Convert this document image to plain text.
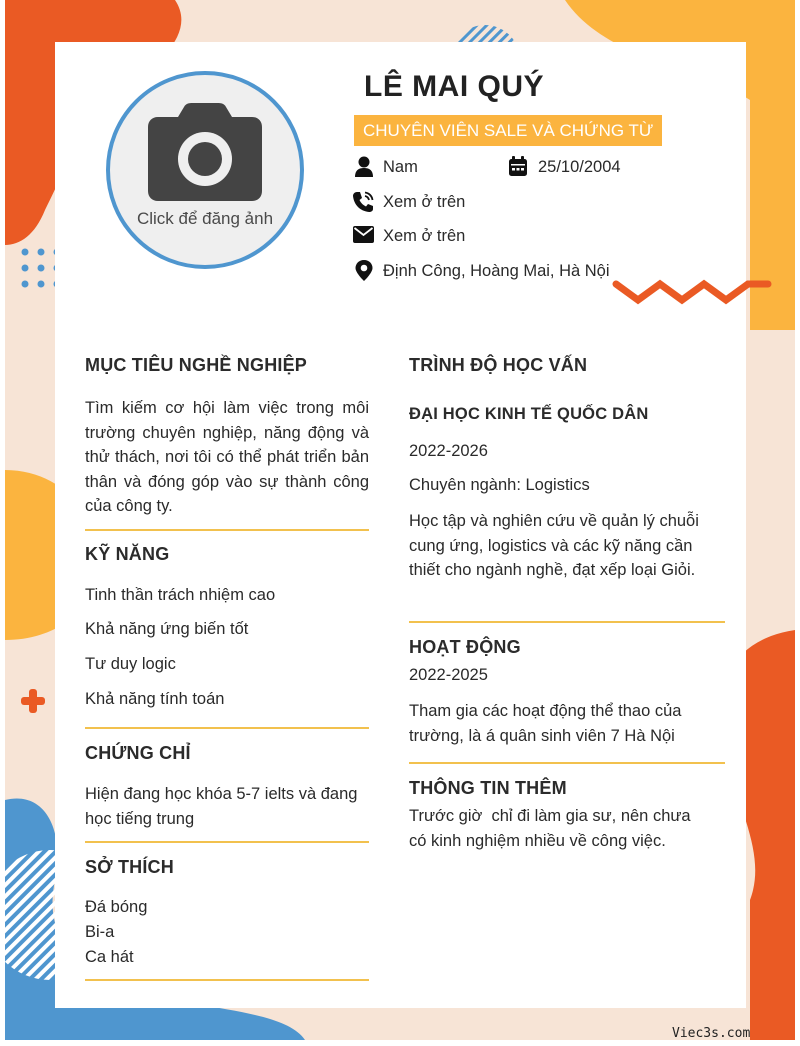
Click để đăng ảnh
LÊ MAI QUÝ
CHUYÊN VIÊN SALE VÀ CHỨNG TỪ
Nam	25/10/2004
Xem ở trên
Xem ở trên
Định Công, Hoàng Mai, Hà Nội
MỤC TIÊU NGHỀ NGHIỆP
Tìm kiếm cơ hội làm việc trong môi trường chuyên nghiệp, năng động và thử thách, nơi tôi có thể phát triển bản thân và đóng góp vào sự thành công của công ty.
KỸ NĂNG
Tinh thần trách nhiệm cao
Khả năng ứng biến tốt
Tư duy logic
Khả năng tính toán
CHỨNG CHỈ
Hiện đang học khóa 5-7 ielts và đang học tiếng trung
SỞ THÍCH
Đá bóng
Bi-a
Ca hát
TRÌNH ĐỘ HỌC VẤN
ĐẠI HỌC KINH TẾ QUỐC DÂN
2022-2026
Chuyên ngành: Logistics
Học tập và nghiên cứu về quản lý chuỗi cung ứng, logistics và các kỹ năng cần thiết cho ngành nghề, đạt xếp loại Giỏi.
HOẠT ĐỘNG
2022-2025
Tham gia các hoạt động thể thao của trường, là á quân sinh viên 7 Hà Nội
THÔNG TIN THÊM
Trước giờ  chỉ đi làm gia sư, nên chưa có kinh nghiệm nhiều về công việc.
Viec3s.com
